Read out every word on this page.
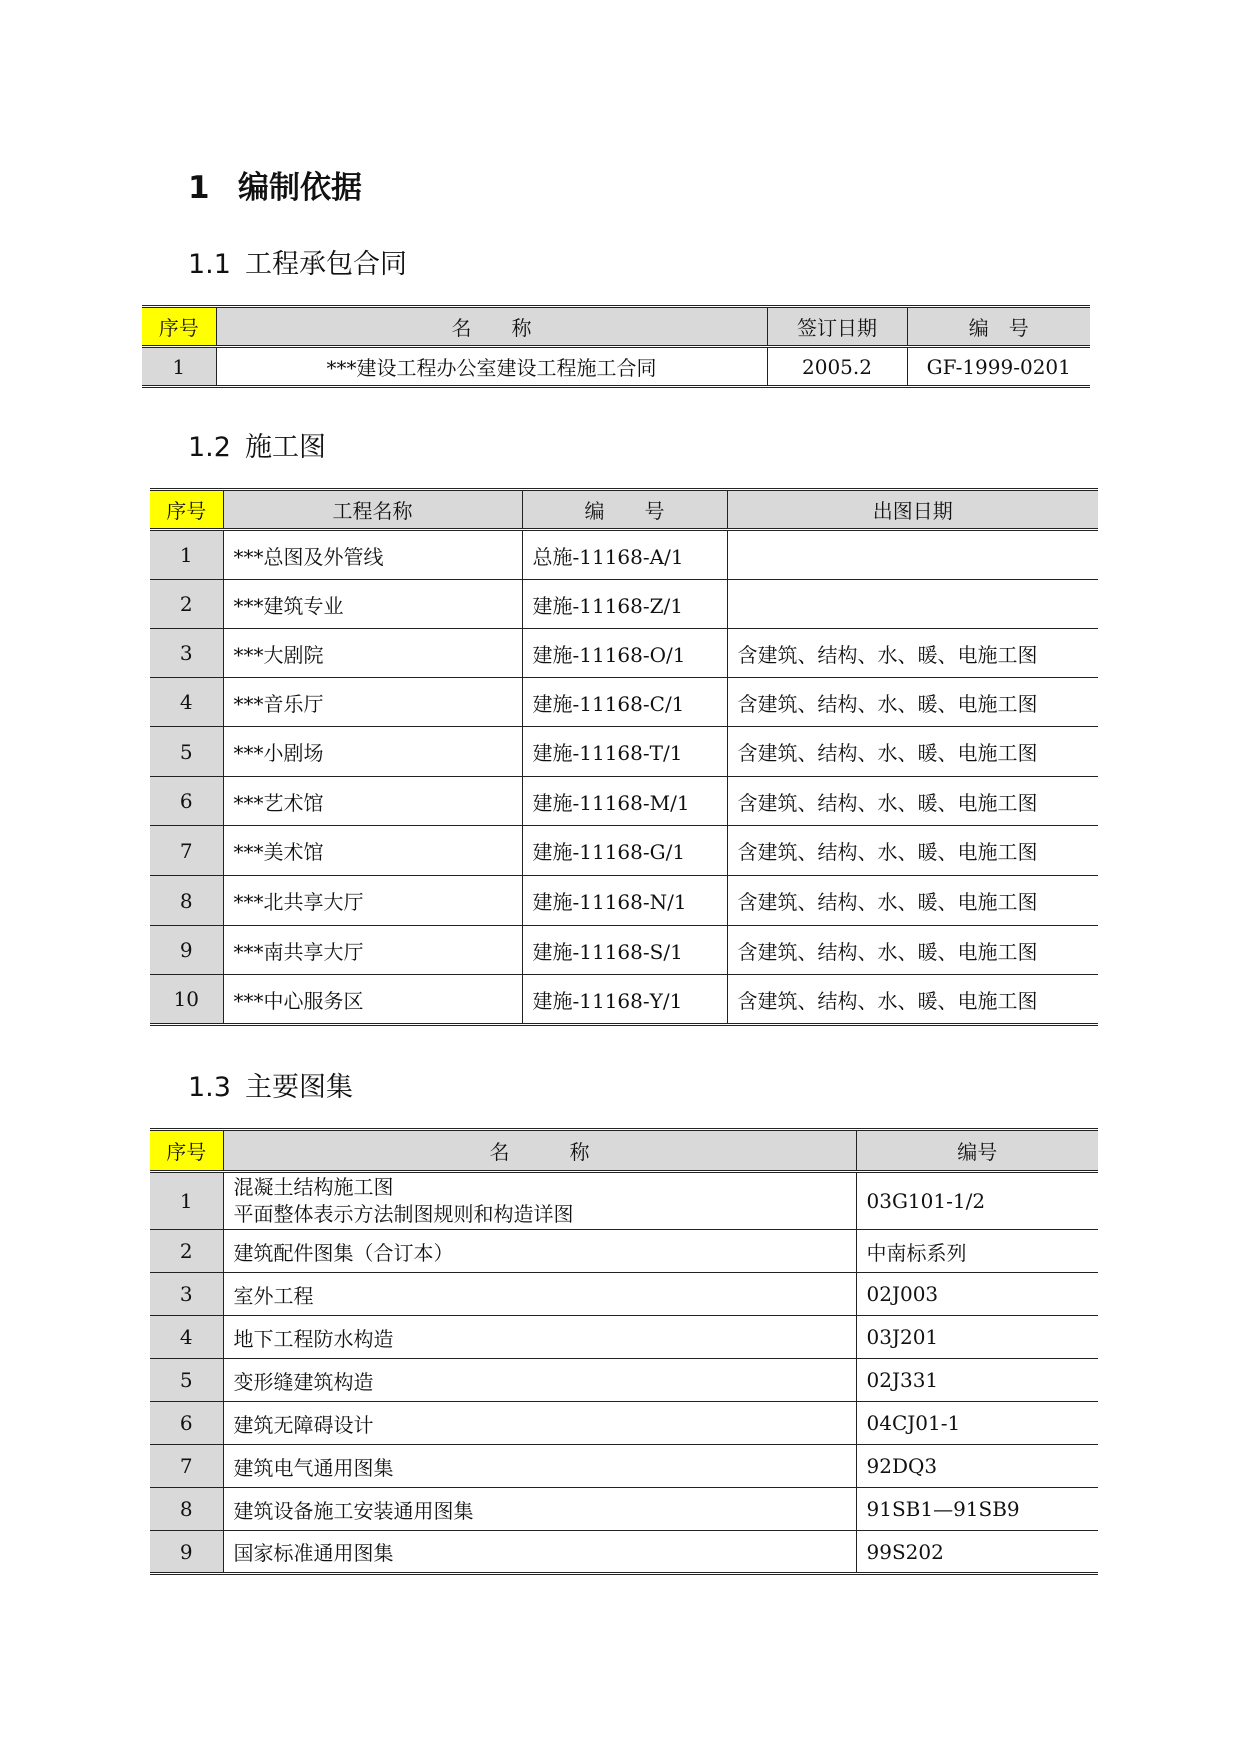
1 编制依据
1.1 工程承包合同
序号	名　　称	签订日期	编　号
1	***建设工程办公室建设工程施工合同	2005.2	GF-1999-0201
1.2 施工图
序号	工程名称	编　　号	出图日期
1	***总图及外管线	总施-11168-A/1	
2	***建筑专业	建施-11168-Z/1	
3	***大剧院	建施-11168-O/1	含建筑、结构、水、暖、电施工图
4	***音乐厅	建施-11168-C/1	含建筑、结构、水、暖、电施工图
5	***小剧场	建施-11168-T/1	含建筑、结构、水、暖、电施工图
6	***艺术馆	建施-11168-M/1	含建筑、结构、水、暖、电施工图
7	***美术馆	建施-11168-G/1	含建筑、结构、水、暖、电施工图
8	***北共享大厅	建施-11168-N/1	含建筑、结构、水、暖、电施工图
9	***南共享大厅	建施-11168-S/1	含建筑、结构、水、暖、电施工图
10	***中心服务区	建施-11168-Y/1	含建筑、结构、水、暖、电施工图
1.3 主要图集
序号	名　　　称	编号
1	混凝土结构施工图
平面整体表示方法制图规则和构造详图	03G101-1/2
2	建筑配件图集（合订本）	中南标系列
3	室外工程	02J003
4	地下工程防水构造	03J201
5	变形缝建筑构造	02J331
6	建筑无障碍设计	04CJ01-1
7	建筑电气通用图集	92DQ3
8	建筑设备施工安装通用图集	91SB1—91SB9
9	国家标准通用图集	99S202
